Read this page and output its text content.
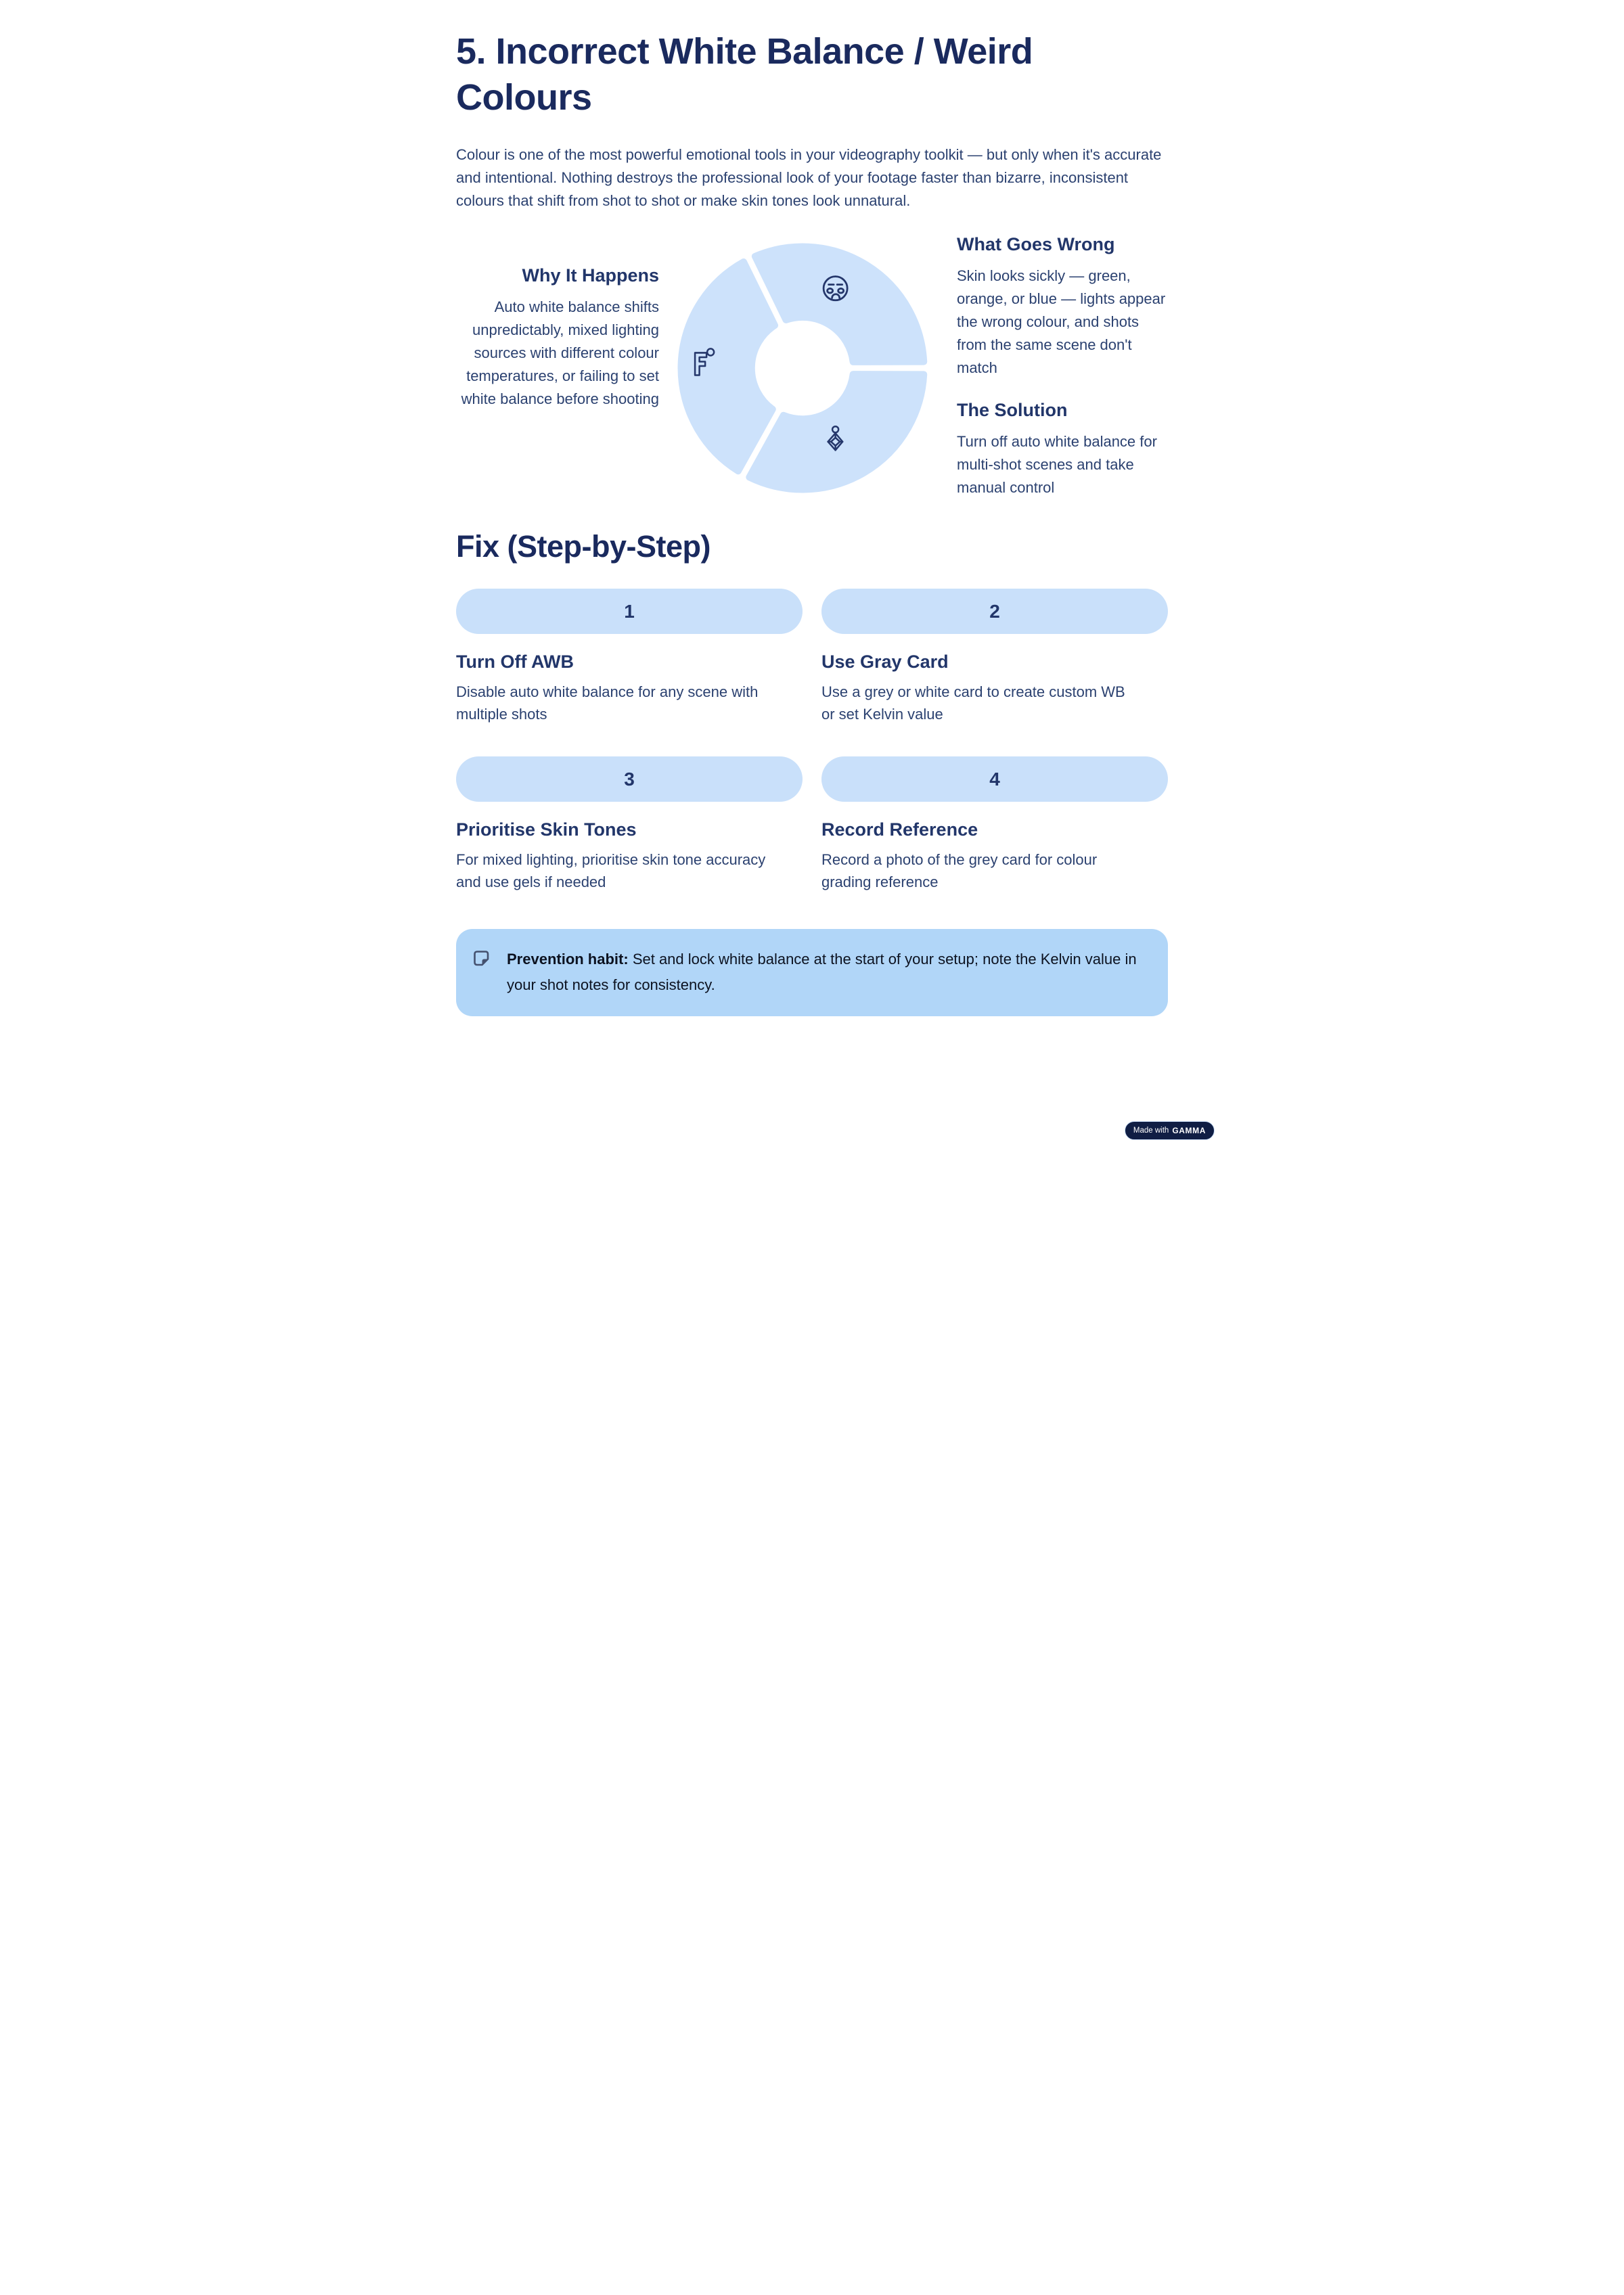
5. Incorrect White Balance / Weird Colours

Colour is one of the most powerful emotional tools in your videography toolkit — but only when it's accurate and intentional. Nothing destroys the professional look of your footage faster than bizarre, inconsistent colours that shift from shot to shot or make skin tones look unnatural.

Why It Happens
Auto white balance shifts unpredictably, mixed lighting sources with different colour temperatures, or failing to set white balance before shooting
What Goes Wrong
Skin looks sickly — green, orange, or blue — lights appear the wrong colour, and shots from the same scene don't match
The Solution
Turn off auto white balance for multi-shot scenes and take manual control
Fix (Step-by-Step)
1
Turn Off AWB
Disable auto white balance for any scene with multiple shots
2
Use Gray Card
Use a grey or white card to create custom WB or set Kelvin value
3
Prioritise Skin Tones
For mixed lighting, prioritise skin tone accuracy and use gels if needed
4
Record Reference
Record a photo of the grey card for colour grading reference
Prevention habit: Set and lock white balance at the start of your setup; note the Kelvin value in your shot notes for consistency.
Made with GAMMA
